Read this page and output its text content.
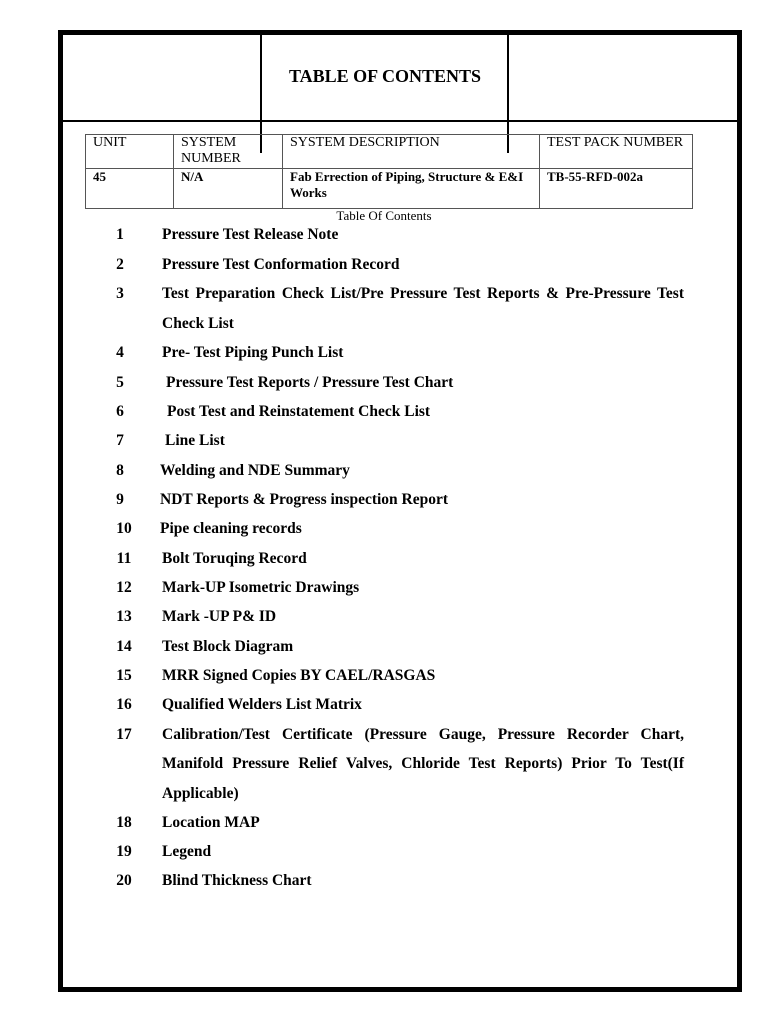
TABLE OF CONTENTS
UNIT	SYSTEM NUMBER	SYSTEM DESCRIPTION	TEST PACK NUMBER
45	N/A	Fab Errection of Piping, Structure & E&I Works	TB-55-RFD-002a
Table Of Contents
1	Pressure Test Release Note
2	Pressure Test Conformation Record
3	Test Preparation Check List/Pre Pressure Test Reports & Pre-Pressure Test Check List
4	Pre- Test Piping Punch List
5	Pressure Test Reports / Pressure Test Chart
6	Post Test and Reinstatement Check List
7	Line List
8	Welding and NDE Summary
9	NDT Reports & Progress inspection Report
10	Pipe cleaning records
11	Bolt Toruqing Record
12	Mark-UP Isometric Drawings
13	Mark -UP P& ID
14	Test Block Diagram
15	MRR Signed Copies BY CAEL/RASGAS
16	Qualified Welders List Matrix
17	Calibration/Test Certificate (Pressure Gauge, Pressure Recorder Chart, Manifold Pressure Relief Valves, Chloride Test Reports) Prior To Test(If Applicable)
18	Location MAP
19	Legend
20	Blind Thickness Chart
